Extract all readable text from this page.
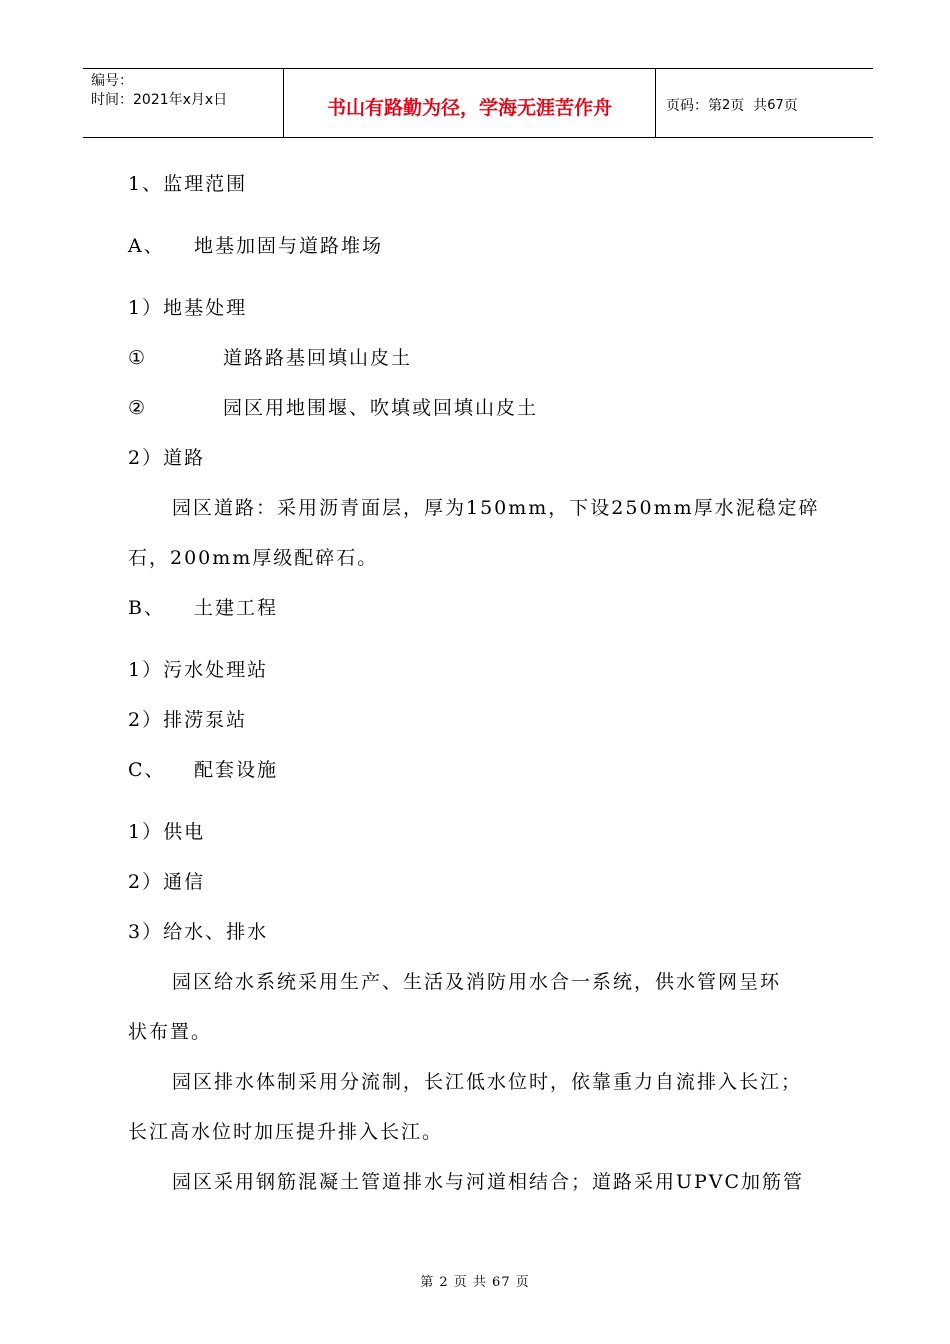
编号：
时间：2021年x月x日	书山有路勤为径，学海无涯苦作舟	页码：第 2 页  共 67 页
1、监理范围
A、 地基加固与道路堆场
1）地基处理
①	道路路基回填山皮土
②	园区用地围堰、吹填或回填山皮土
2）道路
园区道路：采用沥青面层，厚为150mm，下设250mm厚水泥稳定碎
石，200mm厚级配碎石。
B、 土建工程
1）污水处理站
2）排涝泵站
C、 配套设施
1）供电
2）通信
3）给水、排水
园区给水系统采用生产、生活及消防用水合一系统，供水管网呈环
状布置。
园区排水体制采用分流制，长江低水位时，依靠重力自流排入长江；
长江高水位时加压提升排入长江。
园区采用钢筋混凝土管道排水与河道相结合；道路采用UPVC加筋管
第 2 页 共 67 页
